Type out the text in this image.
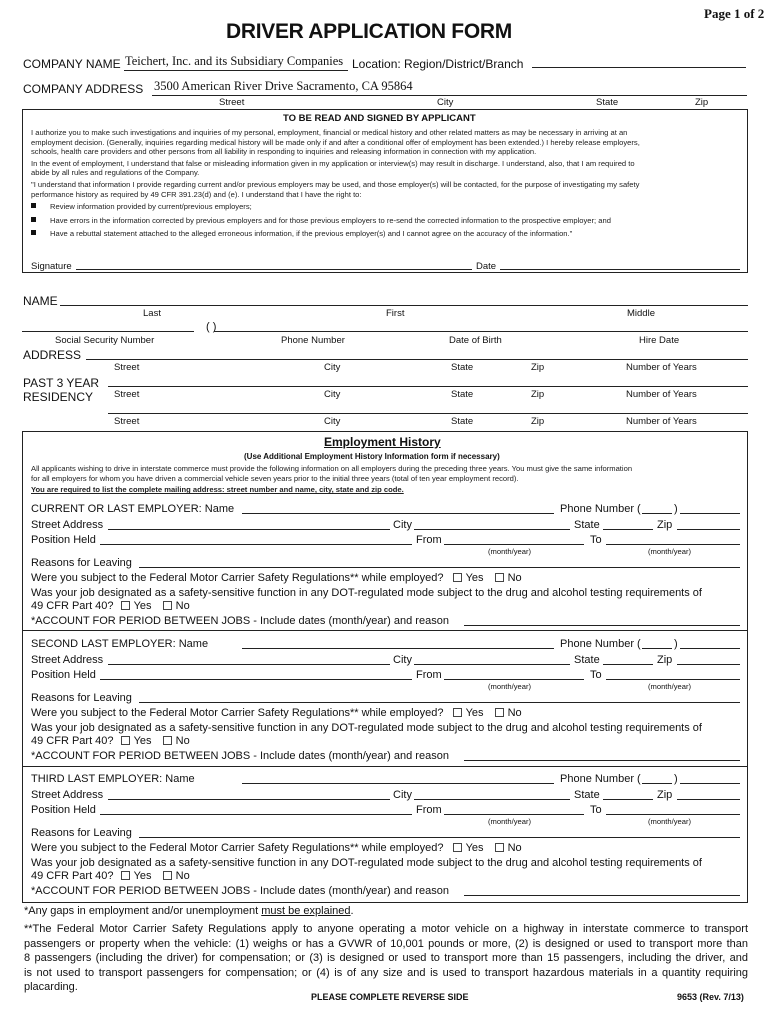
DRIVER APPLICATION FORM
Page 1 of 2
COMPANY NAME Teichert, Inc. and its Subsidiary Companies Location: Region/District/Branch
COMPANY ADDRESS 3500 American River Drive Sacramento, CA 95864
Street	City	State	Zip
TO BE READ AND SIGNED BY APPLICANT
I authorize you to make such investigations and inquiries of my personal, employment, financial or medical history and other related matters as may be necessary in arriving at an
employment decision. (Generally, inquiries regarding medical history will be made only if and after a conditional offer of employment has been extended.) I hereby release employers,
schools, health care providers and other persons from all liability in responding to inquiries and releasing information in connection with my application.
In the event of employment, I understand that false or misleading information given in my application or interview(s) may result in discharge. I understand, also, that I am required to
abide by all rules and regulations of the Company.
"I understand that information I provide regarding current and/or previous employers may be used, and those employer(s) will be contacted, for the purpose of investigating my safety
performance history as required by 49 CFR 391.23(d) and (e). I understand that I have the right to:
Review information provided by current/previous employers;
Have errors in the information corrected by previous employers and for those previous employers to re-send the corrected information to the prospective employer; and
Have a rebuttal statement attached to the alleged erroneous information, if the previous employer(s) and I cannot agree on the accuracy of the information."
Signature	Date
NAME
Last	First	Middle
( )
Social Security Number	Phone Number	Date of Birth	Hire Date
ADDRESS
Street	City	State	Zip	Number of Years
PAST 3 YEAR
RESIDENCY	Street	City	State	Zip	Number of Years
Street	City	State	Zip	Number of Years
Employment History
(Use Additional Employment History Information form if necessary)
All applicants wishing to drive in interstate commerce must provide the following information on all employers during the preceding three years. You must give the same information
for all employers for whom you have driven a commercial vehicle seven years prior to the initial three years (total of ten year employment record).
You are required to list the complete mailing address: street number and name, city, state and zip code.
CURRENT OR LAST EMPLOYER: Name	Phone Number (	)
Street Address	City	State	Zip
Position Held	From	To
(month/year)	(month/year)
Reasons for Leaving
Were you subject to the Federal Motor Carrier Safety Regulations** while employed? Yes No
Was your job designated as a safety-sensitive function in any DOT-regulated mode subject to the drug and alcohol testing requirements of
49 CFR Part 40? Yes No
*ACCOUNT FOR PERIOD BETWEEN JOBS - Include dates (month/year) and reason
SECOND LAST EMPLOYER: Name	Phone Number (	)
Street Address	City	State	Zip
Position Held	From	To
(month/year)	(month/year)
Reasons for Leaving
Were you subject to the Federal Motor Carrier Safety Regulations** while employed? Yes No
Was your job designated as a safety-sensitive function in any DOT-regulated mode subject to the drug and alcohol testing requirements of
49 CFR Part 40? Yes No
*ACCOUNT FOR PERIOD BETWEEN JOBS - Include dates (month/year) and reason
THIRD LAST EMPLOYER: Name	Phone Number (	)
Street Address	City	State	Zip
Position Held	From	To
(month/year)	(month/year)
Reasons for Leaving
Were you subject to the Federal Motor Carrier Safety Regulations** while employed? Yes No
Was your job designated as a safety-sensitive function in any DOT-regulated mode subject to the drug and alcohol testing requirements of
49 CFR Part 40? Yes No
*ACCOUNT FOR PERIOD BETWEEN JOBS - Include dates (month/year) and reason
*Any gaps in employment and/or unemployment must be explained.
**The Federal Motor Carrier Safety Regulations apply to anyone operating a motor vehicle on a highway in interstate commerce to transport
passengers or property when the vehicle: (1) weighs or has a GVWR of 10,001 pounds or more, (2) is designed or used to transport more than
8 passengers (including the driver) for compensation; or (3) is designed or used to transport more than 15 passengers, including the driver, and
is not used to transport passengers for compensation; or (4) is of any size and is used to transport hazardous materials in a quantity requiring
placarding.
PLEASE COMPLETE REVERSE SIDE	9653 (Rev. 7/13)
